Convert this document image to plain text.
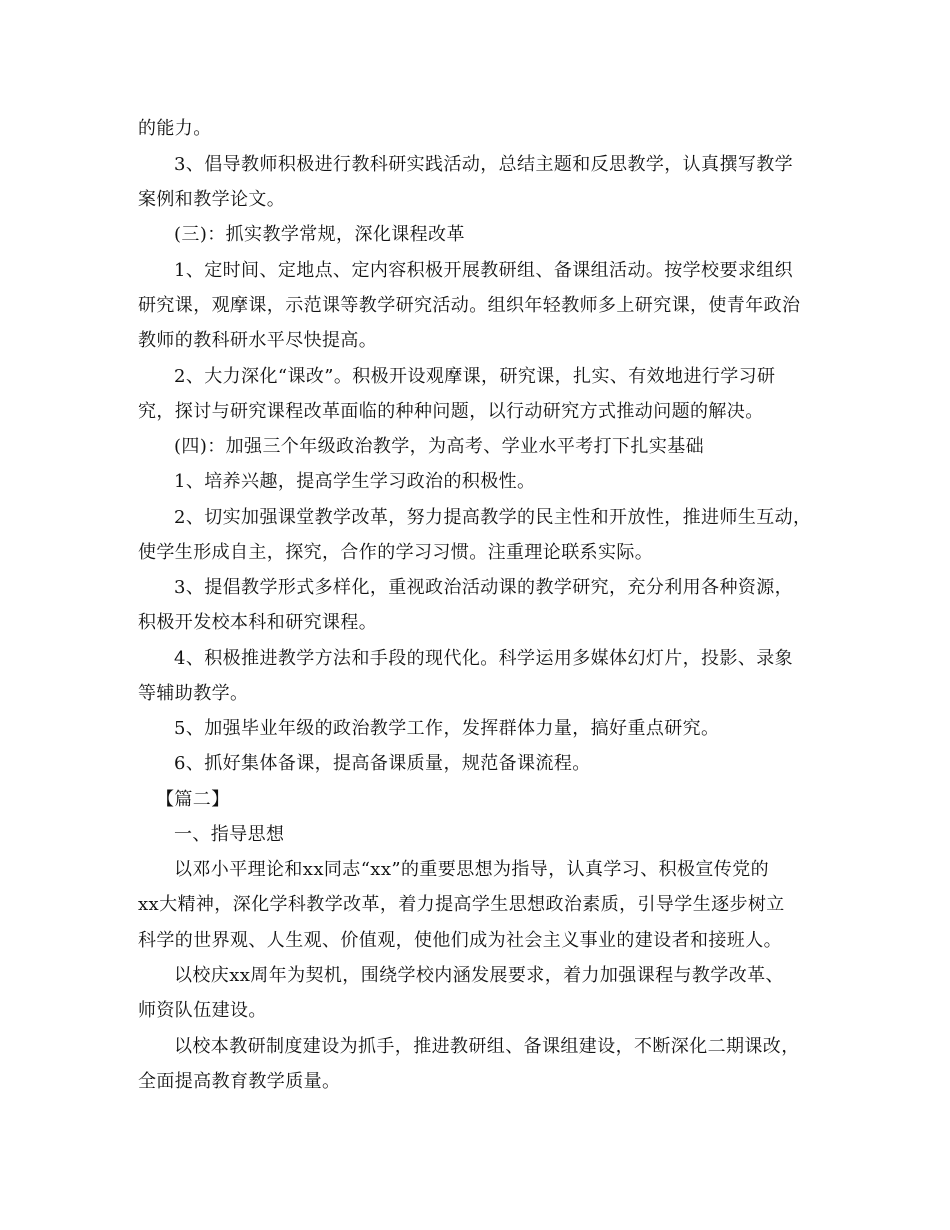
的能力。
3、倡导教师积极进行教科研实践活动，总结主题和反思教学，认真撰写教学
案例和教学论文。
(三)：抓实教学常规，深化课程改革
1、定时间、定地点、定内容积极开展教研组、备课组活动。按学校要求组织
研究课，观摩课，示范课等教学研究活动。组织年轻教师多上研究课，使青年政治
教师的教科研水平尽快提高。
2、大力深化“课改”。积极开设观摩课，研究课，扎实、有效地进行学习研
究，探讨与研究课程改革面临的种种问题，以行动研究方式推动问题的解决。
(四)：加强三个年级政治教学，为高考、学业水平考打下扎实基础
1、培养兴趣，提高学生学习政治的积极性。
2、切实加强课堂教学改革，努力提高教学的民主性和开放性，推进师生互动，
使学生形成自主，探究，合作的学习习惯。注重理论联系实际。
3、提倡教学形式多样化，重视政治活动课的教学研究，充分利用各种资源，
积极开发校本科和研究课程。
4、积极推进教学方法和手段的现代化。科学运用多媒体幻灯片，投影、录象
等辅助教学。
5、加强毕业年级的政治教学工作，发挥群体力量，搞好重点研究。
6、抓好集体备课，提高备课质量，规范备课流程。
【篇二】
一、指导思想
以邓小平理论和xx同志“xx”的重要思想为指导，认真学习、积极宣传党的
xx大精神，深化学科教学改革，着力提高学生思想政治素质，引导学生逐步树立
科学的世界观、人生观、价值观，使他们成为社会主义事业的建设者和接班人。
以校庆xx周年为契机，围绕学校内涵发展要求，着力加强课程与教学改革、
师资队伍建设。
以校本教研制度建设为抓手，推进教研组、备课组建设，不断深化二期课改，
全面提高教育教学质量。
